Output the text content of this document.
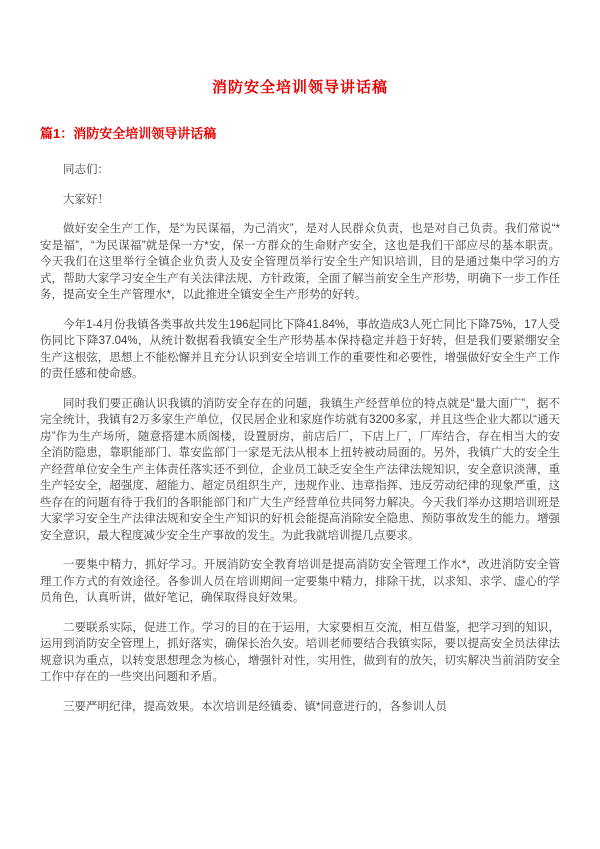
消防安全培训领导讲话稿
篇1：消防安全培训领导讲话稿

同志们：

大家好！

做好安全生产工作，是“为民谋福，为己消灾”，是对人民群众负责，也是对自己负责。我们常说“*安是福”，“为民谋福”就是保一方*安，保一方群众的生命财产安全，这也是我们干部应尽的基本职责。今天我们在这里举行全镇企业负责人及安全管理员举行安全生产知识培训，目的是通过集中学习的方式，帮助大家学习安全生产有关法律法规、方针政策，全面了解当前安全生产形势，明确下一步工作任务，提高安全生产管理水*，以此推进全镇安全生产形势的好转。

今年1-4月份我镇各类事故共发生196起同比下降41.84%，事故造成3人死亡同比下降75%，17人受伤同比下降37.04%，从统计数据看我镇安全生产形势基本保持稳定并趋于好转，但是我们要紧绷安全生产这根弦，思想上不能松懈并且充分认识到安全培训工作的重要性和必要性，增强做好安全生产工作的责任感和使命感。

同时我们要正确认识我镇的消防安全存在的问题，我镇生产经营单位的特点就是“量大面广”，据不完全统计，我镇有2万多家生产单位，仅民居企业和家庭作坊就有3200多家，并且这些企业大都以“通天房”作为生产场所，随意搭建木质阁楼，设置厨房，前店后厂，下店上厂，厂库结合，存在相当大的安全消防隐患，靠职能部门、靠安监部门一家是无法从根本上扭转被动局面的。另外，我镇广大的安全生产经营单位安全生产主体责任落实还不到位，企业员工缺乏安全生产法律法规知识，安全意识淡薄，重生产轻安全，超强度、超能力、超定员组织生产，违规作业、违章指挥、违反劳动纪律的现象严重，这些存在的问题有待于我们的各职能部门和广大生产经营单位共同努力解决。今天我们举办这期培训班是大家学习安全生产法律法规和安全生产知识的好机会能提高消除安全隐患、预防事故发生的能力。增强安全意识，最大程度减少安全生产事故的发生。为此我就培训提几点要求。

一要集中精力，抓好学习。开展消防安全教育培训是提高消防安全管理工作水*，改进消防安全管理工作方式的有效途径。各参训人员在培训期间一定要集中精力，排除干扰，以求知、求学、虚心的学员角色，认真听讲，做好笔记，确保取得良好效果。

二要联系实际，促进工作。学习的目的在于运用，大家要相互交流，相互借鉴，把学习到的知识，运用到消防安全管理上，抓好落实，确保长治久安。培训老师要结合我镇实际，要以提高安全员法律法规意识为重点，以转变思想理念为核心，增强针对性，实用性，做到有的放矢，切实解决当前消防安全工作中存在的一些突出问题和矛盾。

三要严明纪律，提高效果。本次培训是经镇委、镇*同意进行的，各参训人员
